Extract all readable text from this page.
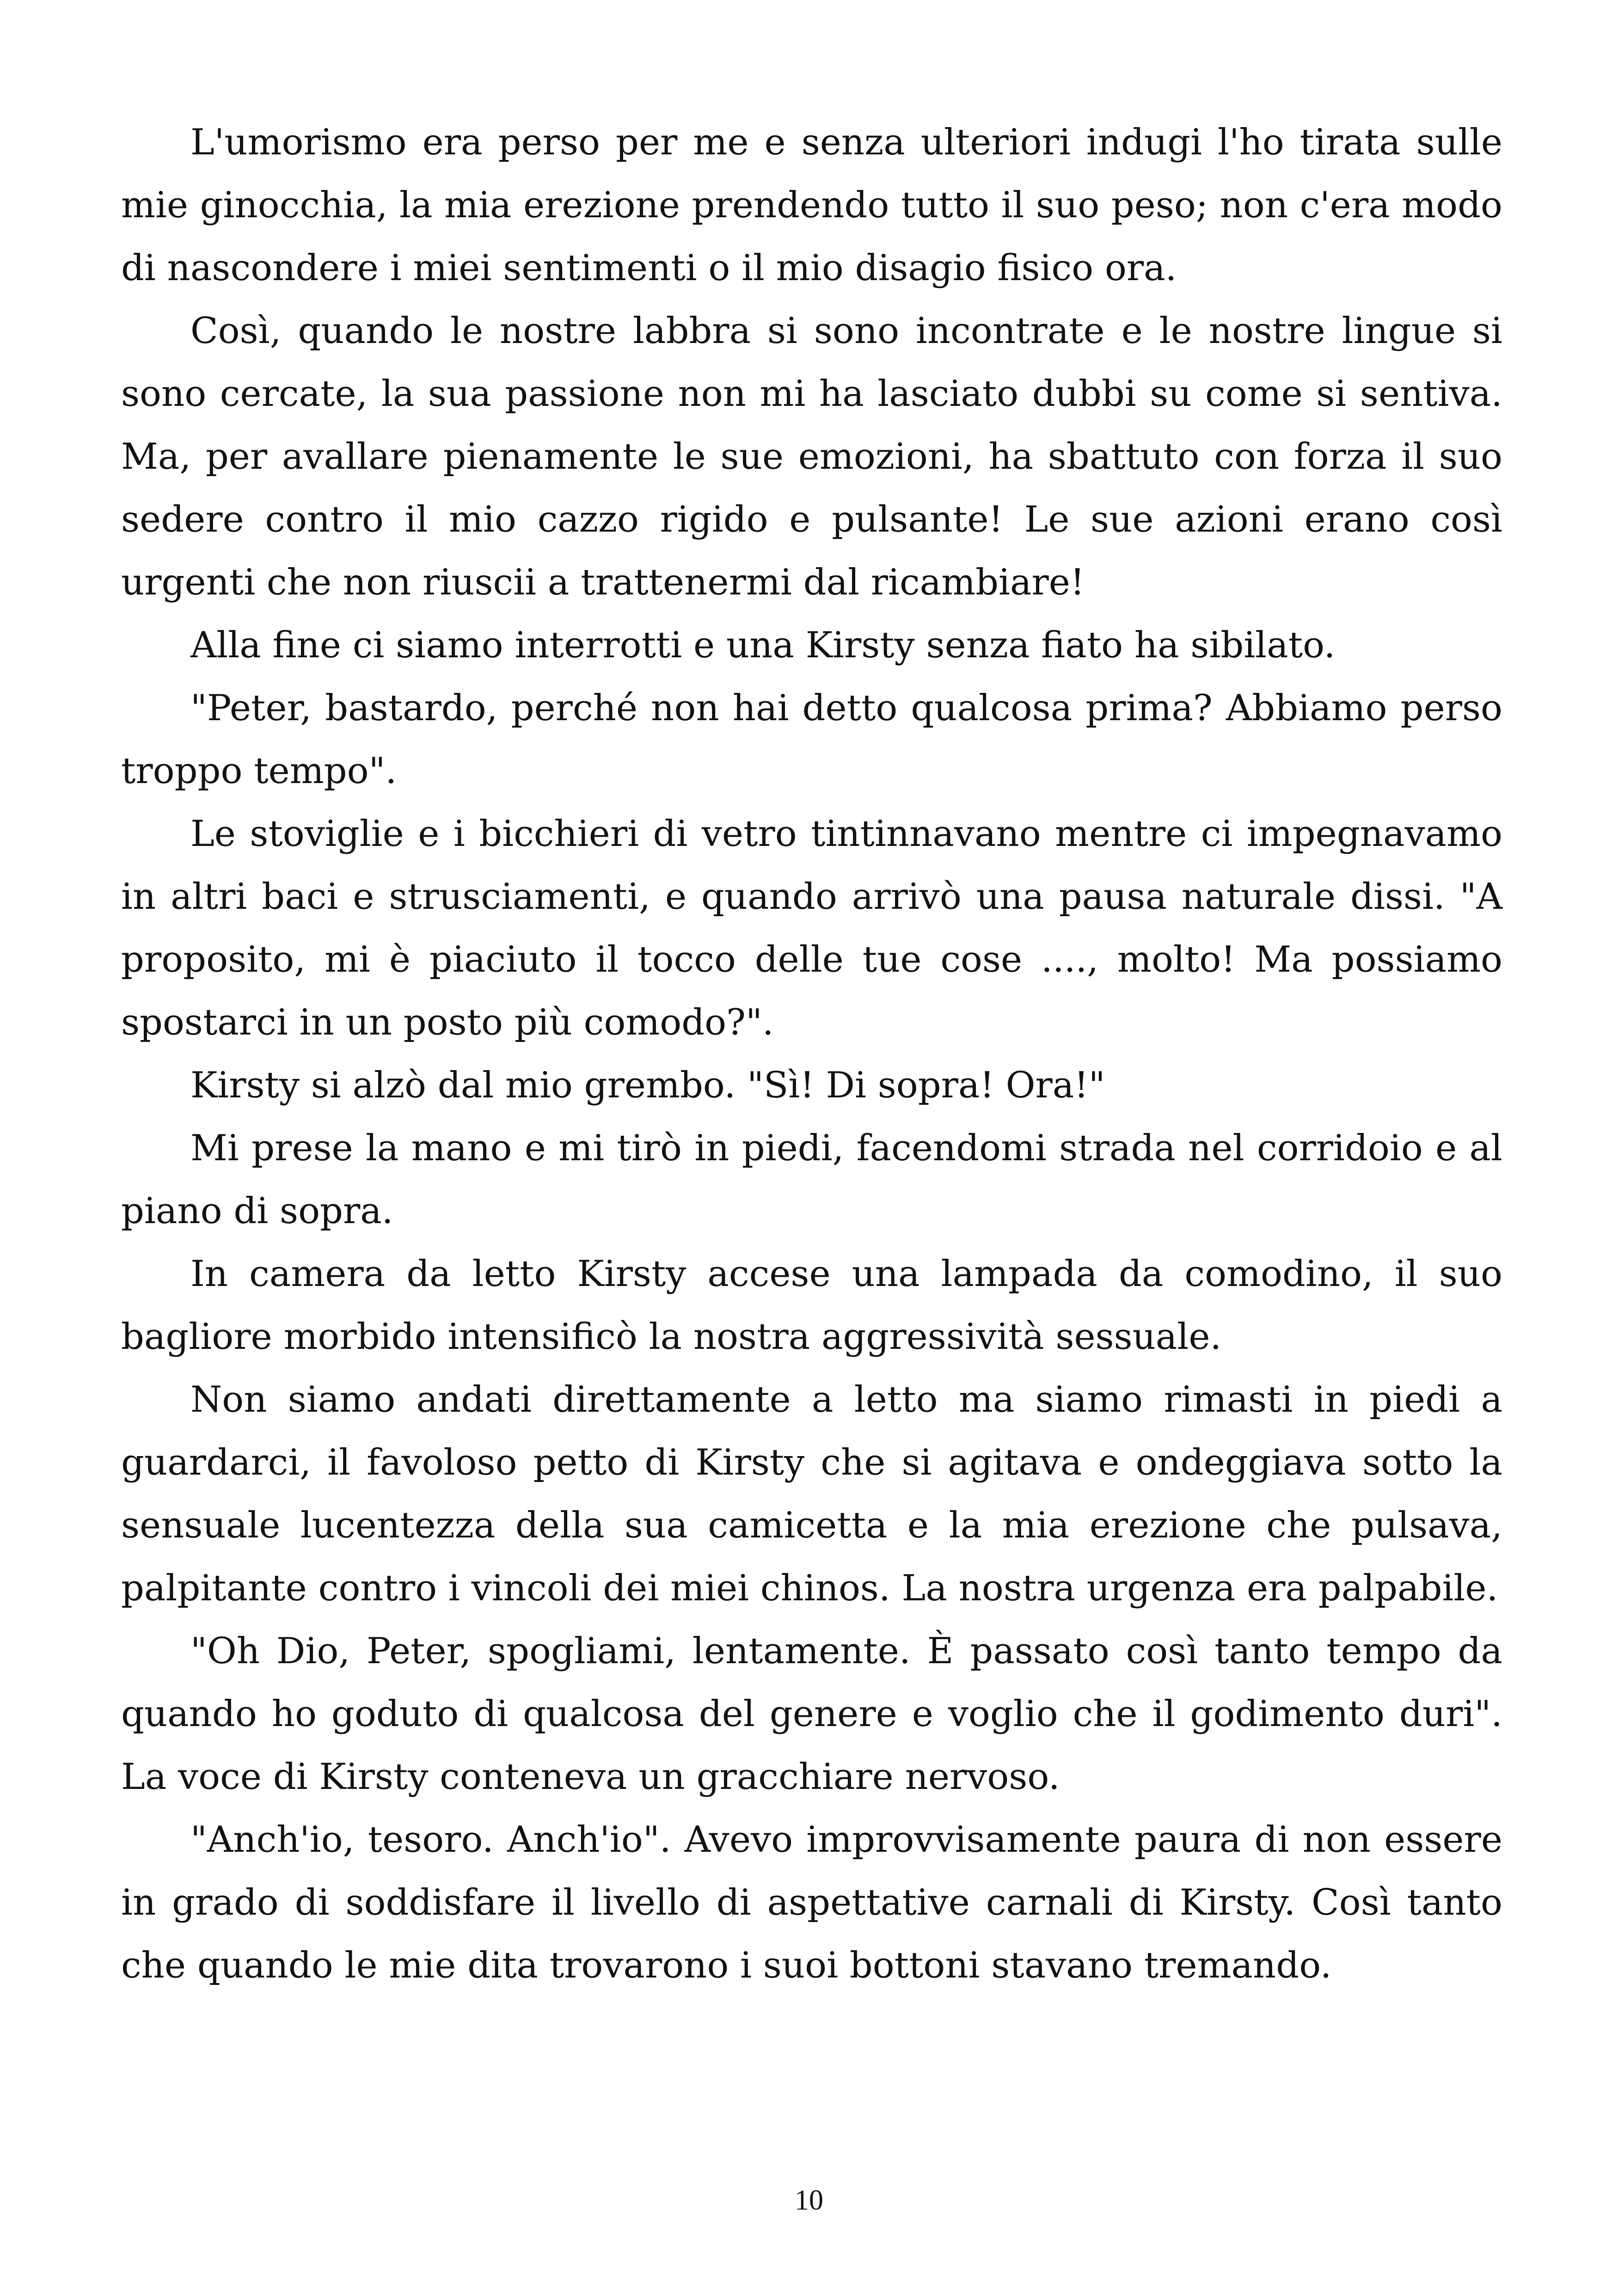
L'umorismo era perso per me e senza ulteriori indugi l'ho tirata sulle mie ginocchia, la mia erezione prendendo tutto il suo peso; non c'era modo di nascondere i miei sentimenti o il mio disagio fisico ora.

Così, quando le nostre labbra si sono incontrate e le nostre lingue si sono cercate, la sua passione non mi ha lasciato dubbi su come si sentiva. Ma, per avallare pienamente le sue emozioni, ha sbattuto con forza il suo sedere contro il mio cazzo rigido e pulsante! Le sue azioni erano così urgenti che non riuscii a trattenermi dal ricambiare!

Alla fine ci siamo interrotti e una Kirsty senza fiato ha sibilato.

"Peter, bastardo, perché non hai detto qualcosa prima? Abbiamo perso troppo tempo".

Le stoviglie e i bicchieri di vetro tintinnavano mentre ci impegnavamo in altri baci e strusciamenti, e quando arrivò una pausa naturale dissi. "A proposito, mi è piaciuto il tocco delle tue cose ...., molto! Ma possiamo spostarci in un posto più comodo?".

Kirsty si alzò dal mio grembo. "Sì! Di sopra! Ora!"

Mi prese la mano e mi tirò in piedi, facendomi strada nel corridoio e al piano di sopra.

In camera da letto Kirsty accese una lampada da comodino, il suo bagliore morbido intensificò la nostra aggressività sessuale.

Non siamo andati direttamente a letto ma siamo rimasti in piedi a guardarci, il favoloso petto di Kirsty che si agitava e ondeggiava sotto la sensuale lucentezza della sua camicetta e la mia erezione che pulsava, palpitante contro i vincoli dei miei chinos. La nostra urgenza era palpabile.

"Oh Dio, Peter, spogliami, lentamente. È passato così tanto tempo da quando ho goduto di qualcosa del genere e voglio che il godimento duri". La voce di Kirsty conteneva un gracchiare nervoso.

"Anch'io, tesoro. Anch'io". Avevo improvvisamente paura di non essere in grado di soddisfare il livello di aspettative carnali di Kirsty. Così tanto che quando le mie dita trovarono i suoi bottoni stavano tremando.

10
